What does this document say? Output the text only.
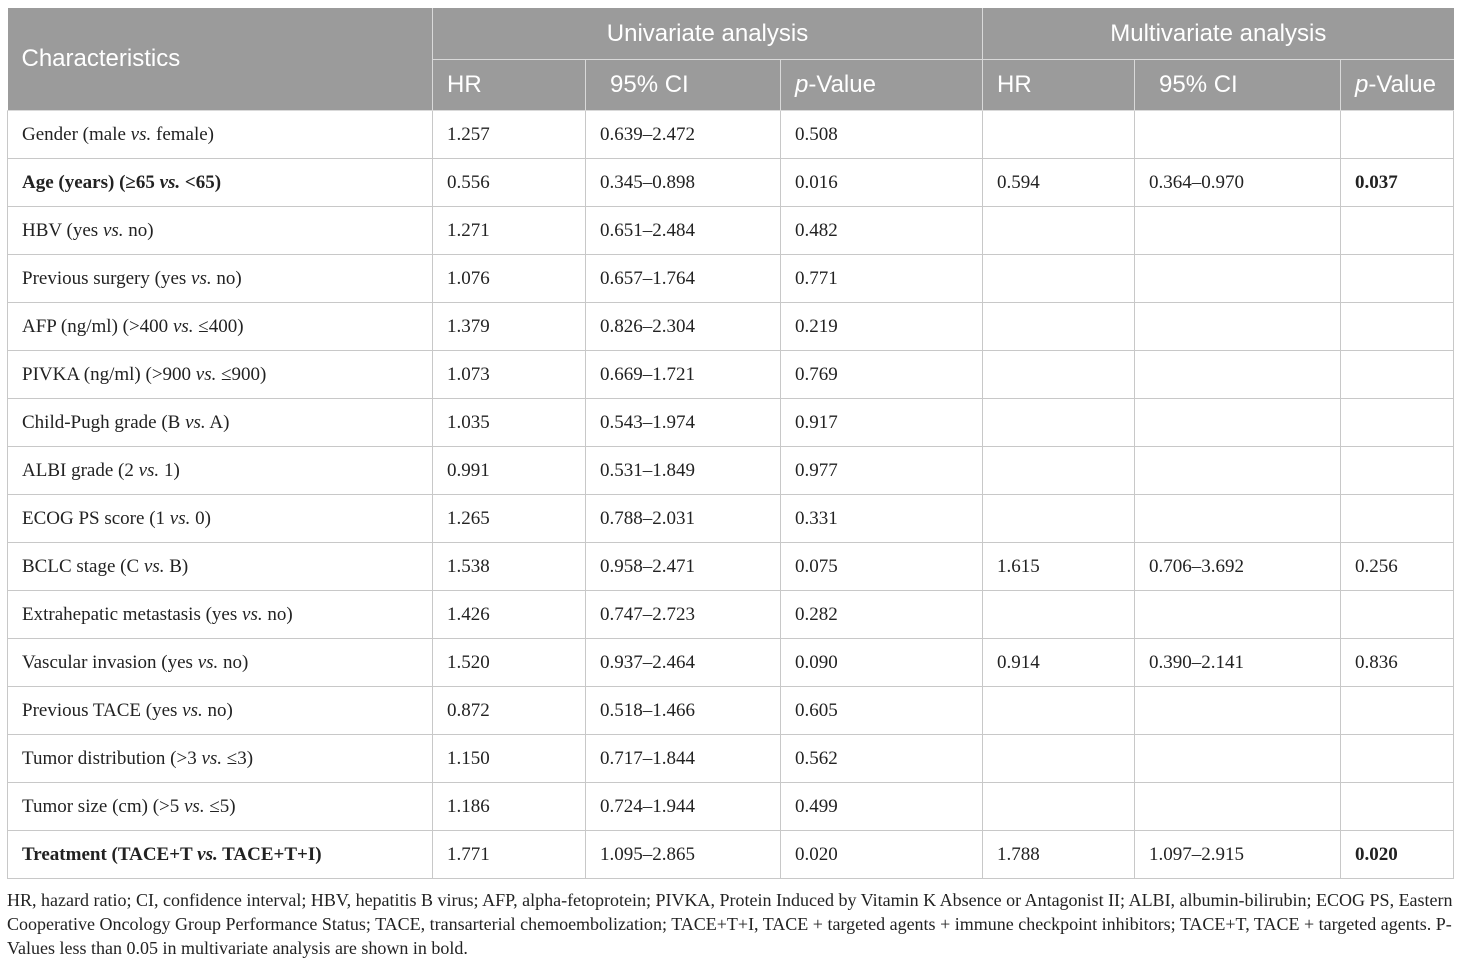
Characteristics	Univariate analysis			Multivariate analysis		
	HR	95% CI	p-Value	HR	95% CI	p-Value
Gender (male vs. female)	1.257	0.639–2.472	0.508			
Age (years) (≥65 vs. <65)	0.556	0.345–0.898	0.016	0.594	0.364–0.970	0.037
HBV (yes vs. no)	1.271	0.651–2.484	0.482			
Previous surgery (yes vs. no)	1.076	0.657–1.764	0.771			
AFP (ng/ml) (>400 vs. ≤400)	1.379	0.826–2.304	0.219			
PIVKA (ng/ml) (>900 vs. ≤900)	1.073	0.669–1.721	0.769			
Child-Pugh grade (B vs. A)	1.035	0.543–1.974	0.917			
ALBI grade (2 vs. 1)	0.991	0.531–1.849	0.977			
ECOG PS score (1 vs. 0)	1.265	0.788–2.031	0.331			
BCLC stage (C vs. B)	1.538	0.958–2.471	0.075	1.615	0.706–3.692	0.256
Extrahepatic metastasis (yes vs. no)	1.426	0.747–2.723	0.282			
Vascular invasion (yes vs. no)	1.520	0.937–2.464	0.090	0.914	0.390–2.141	0.836
Previous TACE (yes vs. no)	0.872	0.518–1.466	0.605			
Tumor distribution (>3 vs. ≤3)	1.150	0.717–1.844	0.562			
Tumor size (cm) (>5 vs. ≤5)	1.186	0.724–1.944	0.499			
Treatment (TACE+T vs. TACE+T+I)	1.771	1.095–2.865	0.020	1.788	1.097–2.915	0.020
HR, hazard ratio; CI, confidence interval; HBV, hepatitis B virus; AFP, alpha-fetoprotein; PIVKA, Protein Induced by Vitamin K Absence or Antagonist II; ALBI, albumin-bilirubin; ECOG PS, Eastern Cooperative Oncology Group Performance Status; TACE, transarterial chemoembolization; TACE+T+I, TACE + targeted agents + immune checkpoint inhibitors; TACE+T, TACE + targeted agents. P-Values less than 0.05 in multivariate analysis are shown in bold.
